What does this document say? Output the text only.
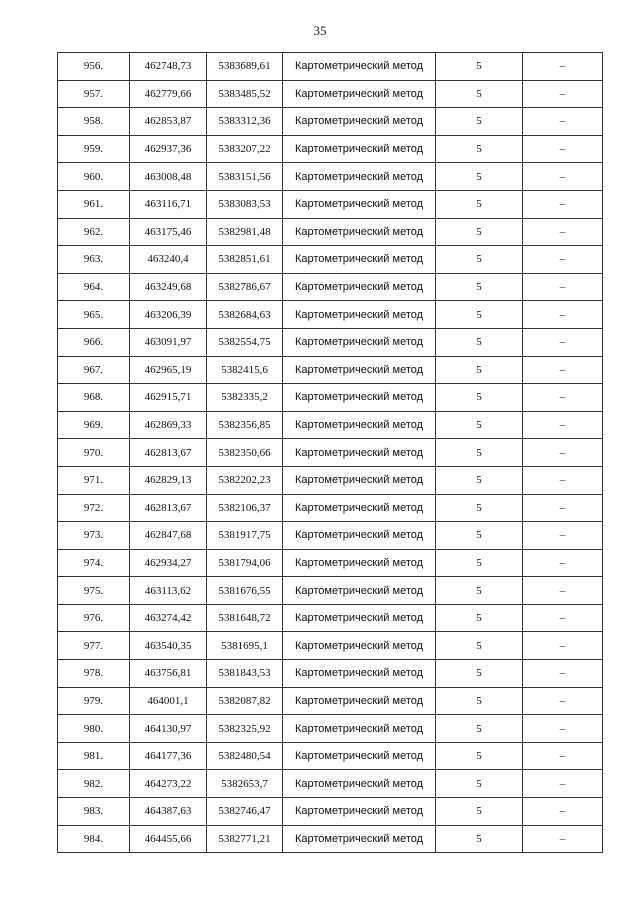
35
956.	462748,73	5383689,61	Картометрический метод	5	–
957.	462779,66	5383485,52	Картометрический метод	5	–
958.	462853,87	5383312,36	Картометрический метод	5	–
959.	462937,36	5383207,22	Картометрический метод	5	–
960.	463008,48	5383151,56	Картометрический метод	5	–
961.	463116,71	5383083,53	Картометрический метод	5	–
962.	463175,46	5382981,48	Картометрический метод	5	–
963.	463240,4	5382851,61	Картометрический метод	5	–
964.	463249,68	5382786,67	Картометрический метод	5	–
965.	463206,39	5382684,63	Картометрический метод	5	–
966.	463091,97	5382554,75	Картометрический метод	5	–
967.	462965,19	5382415,6	Картометрический метод	5	–
968.	462915,71	5382335,2	Картометрический метод	5	–
969.	462869,33	5382356,85	Картометрический метод	5	–
970.	462813,67	5382350,66	Картометрический метод	5	–
971.	462829,13	5382202,23	Картометрический метод	5	–
972.	462813,67	5382106,37	Картометрический метод	5	–
973.	462847,68	5381917,75	Картометрический метод	5	–
974.	462934,27	5381794,06	Картометрический метод	5	–
975.	463113,62	5381676,55	Картометрический метод	5	–
976.	463274,42	5381648,72	Картометрический метод	5	–
977.	463540,35	5381695,1	Картометрический метод	5	–
978.	463756,81	5381843,53	Картометрический метод	5	–
979.	464001,1	5382087,82	Картометрический метод	5	–
980.	464130,97	5382325,92	Картометрический метод	5	–
981.	464177,36	5382480,54	Картометрический метод	5	–
982.	464273,22	5382653,7	Картометрический метод	5	–
983.	464387,63	5382746,47	Картометрический метод	5	–
984.	464455,66	5382771,21	Картометрический метод	5	–
